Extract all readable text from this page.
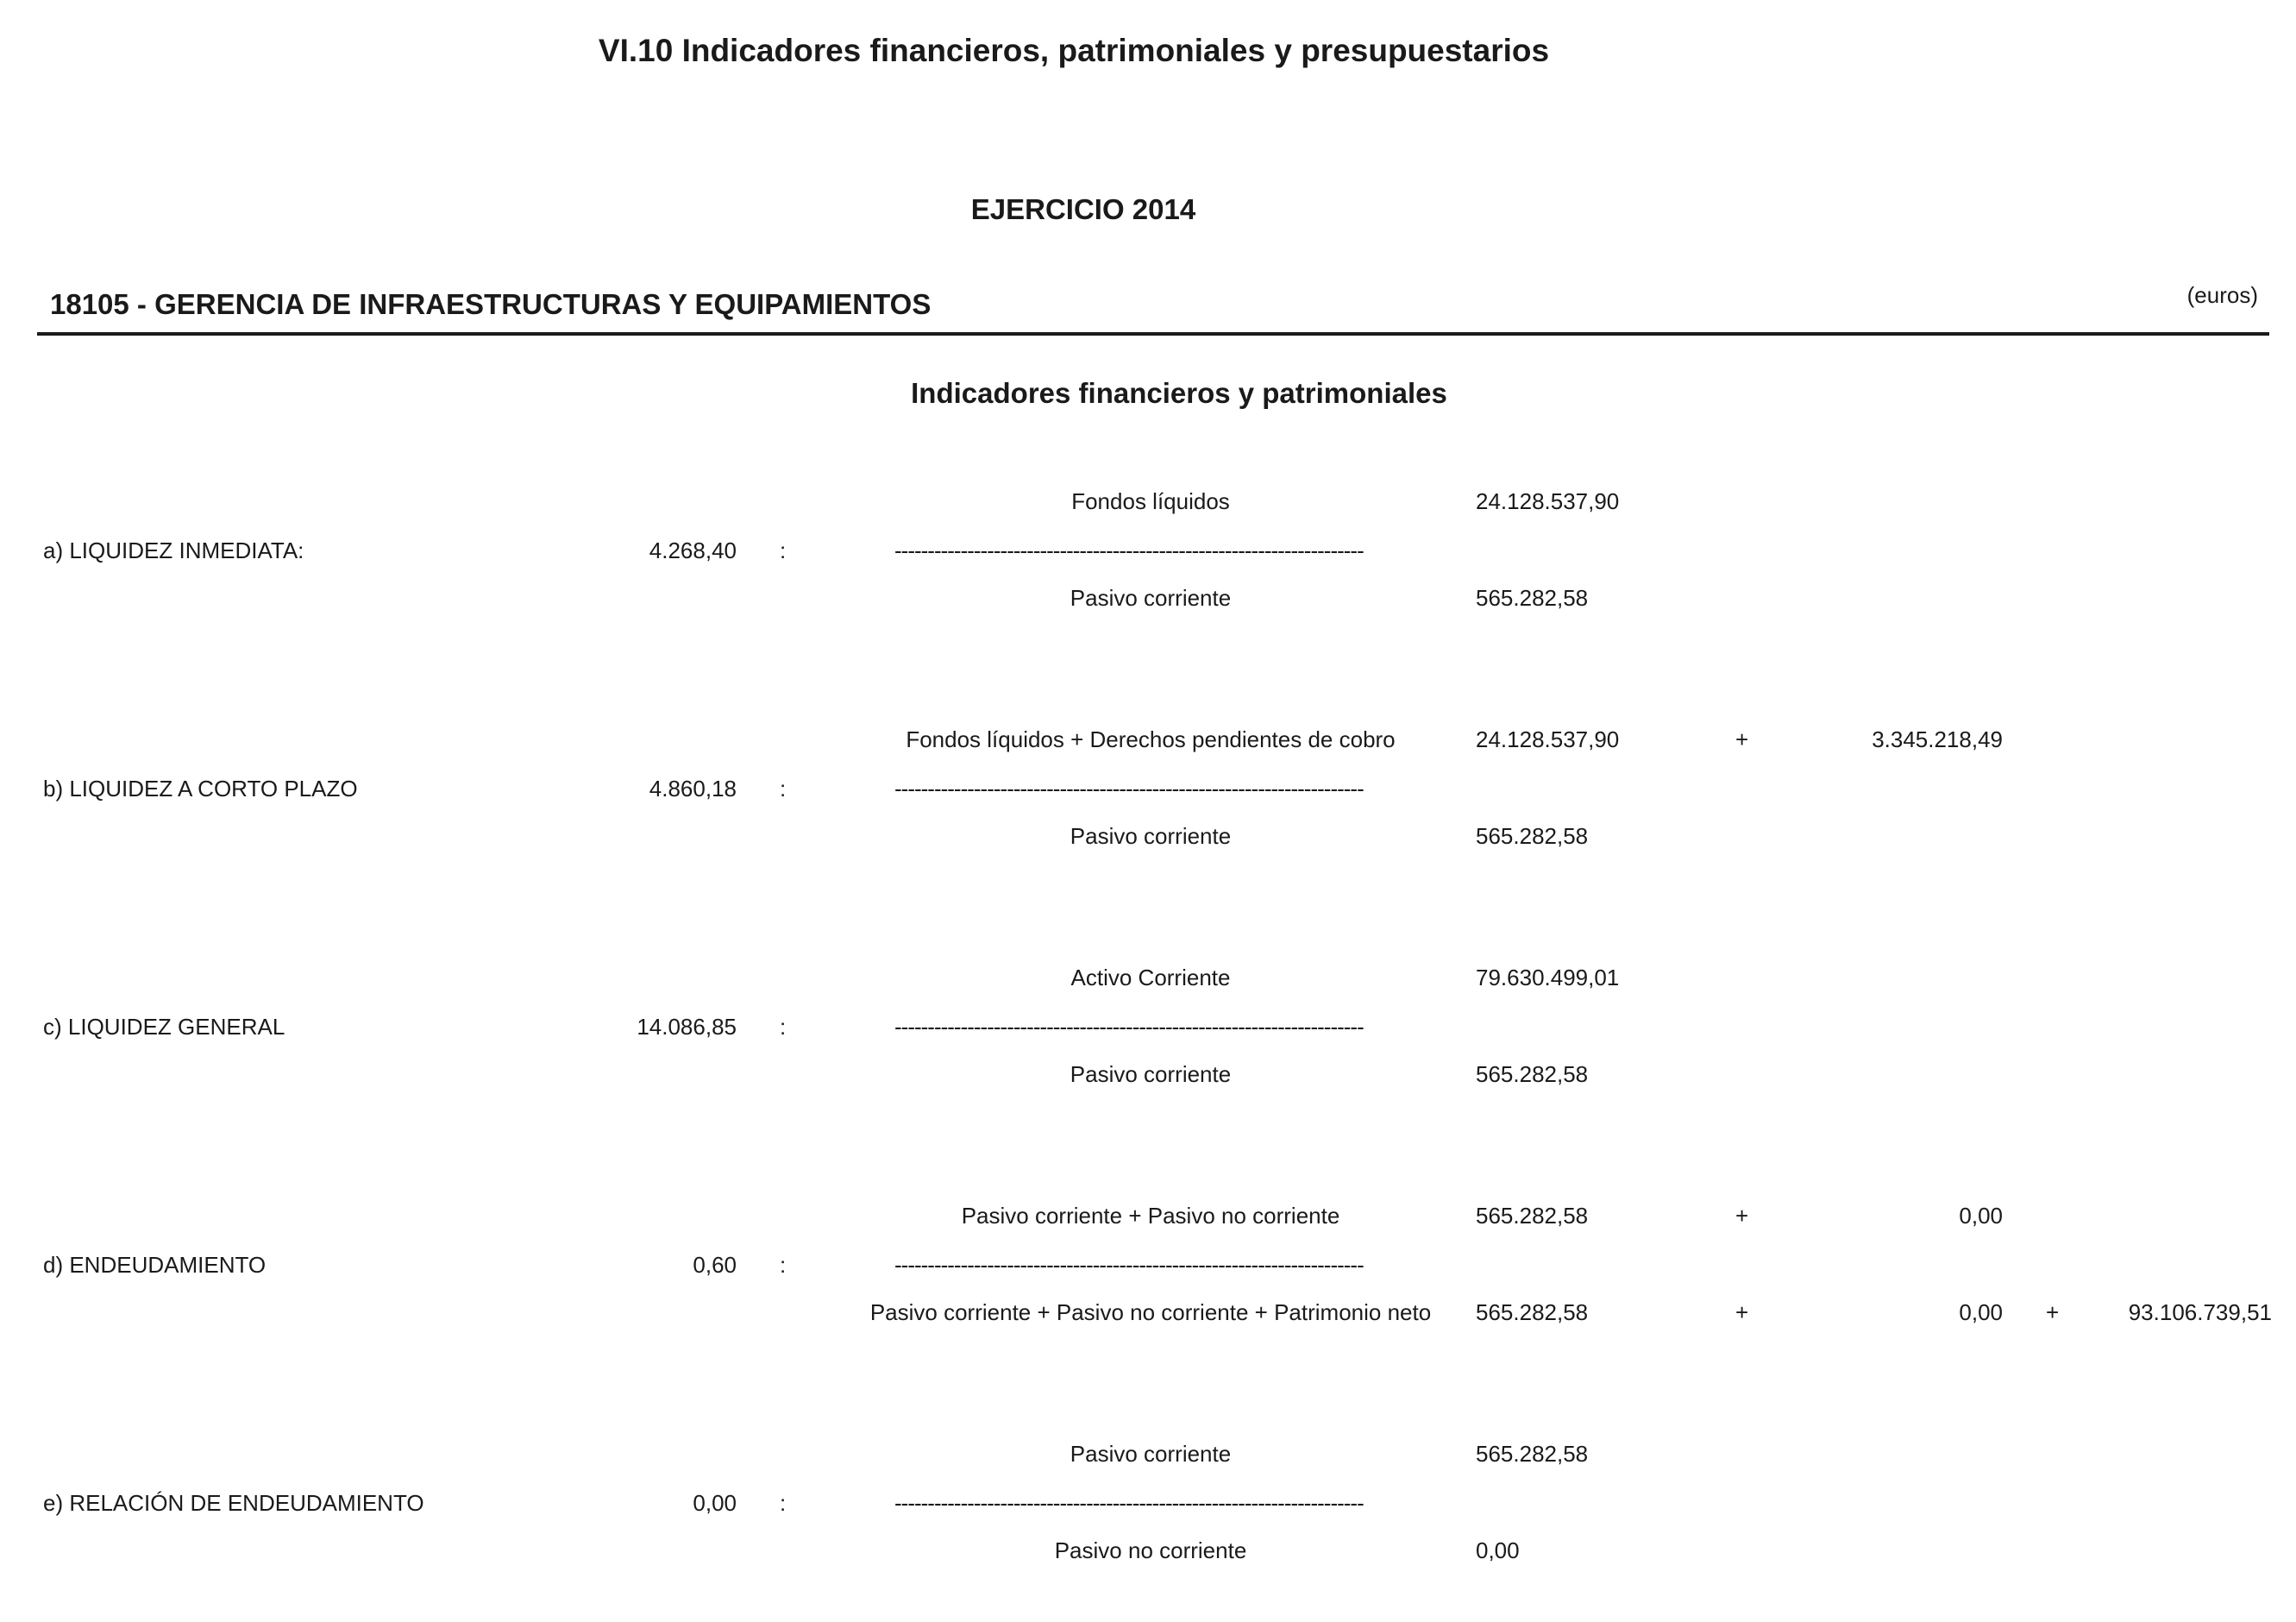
VI.10 Indicadores financieros, patrimoniales y presupuestarios
EJERCICIO 2014
18105 - GERENCIA DE INFRAESTRUCTURAS Y EQUIPAMIENTOS	(euros)
Indicadores financieros y patrimoniales
Fondos líquidos	24.128.537,90
a) LIQUIDEZ INMEDIATA:	4.268,40 :	-----------------------------------------------------------------------
Pasivo corriente	565.282,58
Fondos líquidos + Derechos pendientes de cobro	24.128.537,90	+	3.345.218,49
b) LIQUIDEZ A CORTO PLAZO	4.860,18 :	-----------------------------------------------------------------------
Pasivo corriente	565.282,58
Activo Corriente	79.630.499,01
c) LIQUIDEZ GENERAL	14.086,85 :	-----------------------------------------------------------------------
Pasivo corriente	565.282,58
Pasivo corriente + Pasivo no corriente	565.282,58	+	0,00
d) ENDEUDAMIENTO	0,60 :	-----------------------------------------------------------------------
Pasivo corriente + Pasivo no corriente + Patrimonio neto 565.282,58	+	0,00 +	93.106.739,51
Pasivo corriente	565.282,58
e) RELACIÓN DE ENDEUDAMIENTO	0,00 :	-----------------------------------------------------------------------
Pasivo no corriente	0,00
